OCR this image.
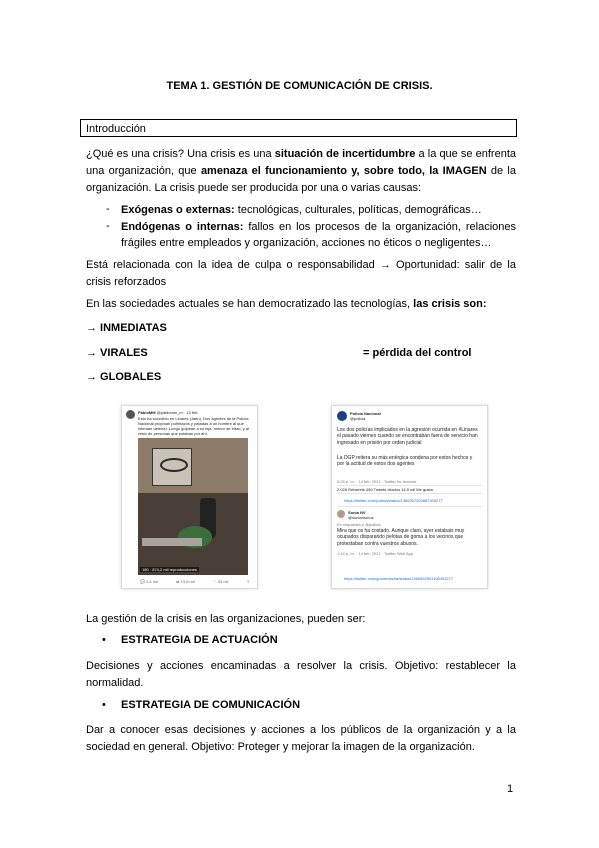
TEMA 1. GESTIÓN DE COMUNICACIÓN DE CRISIS.
Introducción
¿Qué es una crisis? Una crisis es una situación de incertidumbre a la que se enfrenta una organización, que amenaza el funcionamiento y, sobre todo, la IMAGEN de la organización. La crisis puede ser producida por una o varias causas:
- Exógenas o externas: tecnológicas, culturales, políticas, demográficas…
- Endógenas o internas: fallos en los procesos de la organización, relaciones frágiles entre empleados y organización, acciones no éticos o negligentes…
Está relacionada con la idea de culpa o responsabilidad → Oportunidad: salir de la crisis reforzados
En las sociedades actuales se han democratizado las tecnologías, las crisis son:
→ INMEDIATAS
→ VIRALES	= pérdida del control
→ GLOBALES
PabloMM @pablomm_m · 13 feb.
Esto ha sucedido en Linares (Jaén). Dos agentes de la Policía Nacional propinan puñetazos y patadas a un hombre al que intentan detener. Luego golpean a su hija, menor de edad, y al resto de personas que estaban por ahí.
180 · 874,2 mil reproducciones
💬 2,4 mil	⇄ 13,8 mil	♡ 33 mil	⇧
Policía Nacional
@policia
Los dos policías implicados en la agresión ocurrida en #Linares el pasado viernes cuando se encontraban fuera de servicio han ingresado en prisión por orden judicial
La DGP reitera su más enérgica condena por estos hechos y por la actitud de estos dos agentes
8:26 p. m. · 14 feb. 2021 · Twitter for Android
2.028 Retweets 499 Tweets citados 14,9 mil Me gusta
https://twitter.com/policia/status/1360957309887300277
Sonia NV
@soniamunoz
En respuesta a @policia
Mira que os ha costado. Aunque claro, ayer estabais muy ocupados disparando pelotas de goma a los vecinos que protestaban contra vuestros abusos.
1:14 p. m. · 14 feb. 2021 · Twitter Web App
https://twitter.com/gmoemezha/status/1360992591106453277
La gestión de la crisis en las organizaciones, pueden ser:
• ESTRATEGIA DE ACTUACIÓN
Decisiones y acciones encaminadas a resolver la crisis. Objetivo: restablecer la normalidad.
• ESTRATEGIA DE COMUNICACIÓN
Dar a conocer esas decisiones y acciones a los públicos de la organización y a la sociedad en general. Objetivo: Proteger y mejorar la imagen de la organización.
1
